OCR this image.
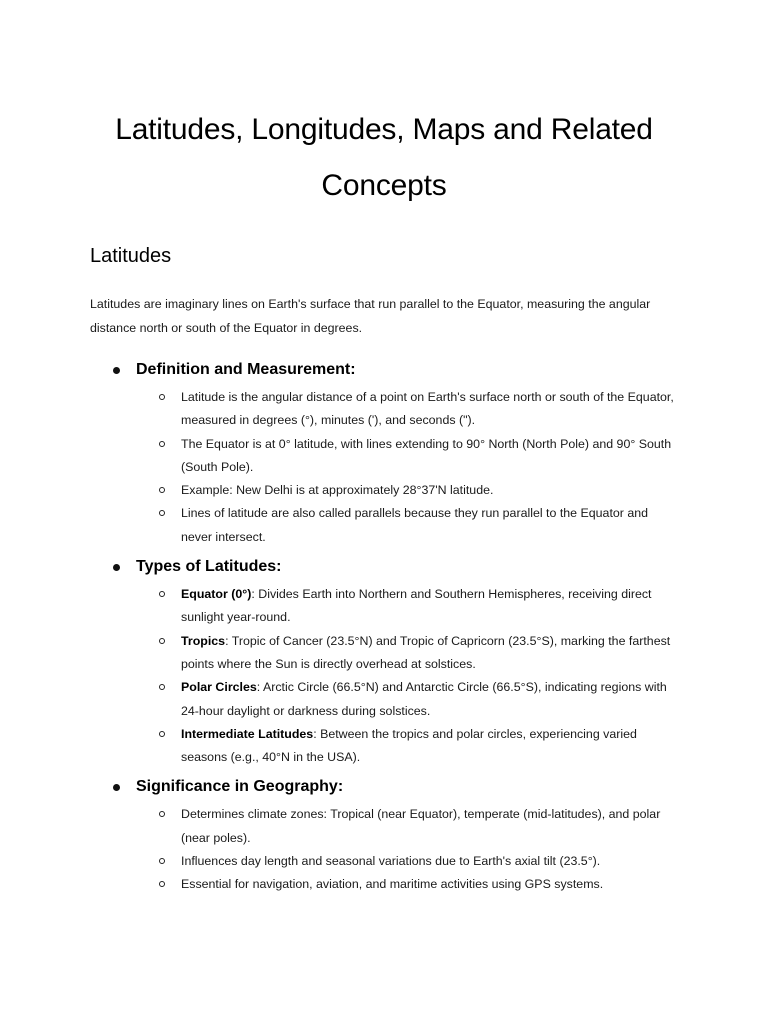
Latitudes, Longitudes, Maps and Related Concepts
Latitudes

Latitudes are imaginary lines on Earth's surface that run parallel to the Equator, measuring the angular distance north or south of the Equator in degrees.

Definition and Measurement:
Latitude is the angular distance of a point on Earth's surface north or south of the Equator, measured in degrees (°), minutes ('), and seconds (").
The Equator is at 0° latitude, with lines extending to 90° North (North Pole) and 90° South (South Pole).
Example: New Delhi is at approximately 28°37'N latitude.
Lines of latitude are also called parallels because they run parallel to the Equator and never intersect.
Types of Latitudes:
Equator (0°): Divides Earth into Northern and Southern Hemispheres, receiving direct sunlight year-round.
Tropics: Tropic of Cancer (23.5°N) and Tropic of Capricorn (23.5°S), marking the farthest points where the Sun is directly overhead at solstices.
Polar Circles: Arctic Circle (66.5°N) and Antarctic Circle (66.5°S), indicating regions with 24-hour daylight or darkness during solstices.
Intermediate Latitudes: Between the tropics and polar circles, experiencing varied seasons (e.g., 40°N in the USA).
Significance in Geography:
Determines climate zones: Tropical (near Equator), temperate (mid-latitudes), and polar (near poles).
Influences day length and seasonal variations due to Earth's axial tilt (23.5°).
Essential for navigation, aviation, and maritime activities using GPS systems.
